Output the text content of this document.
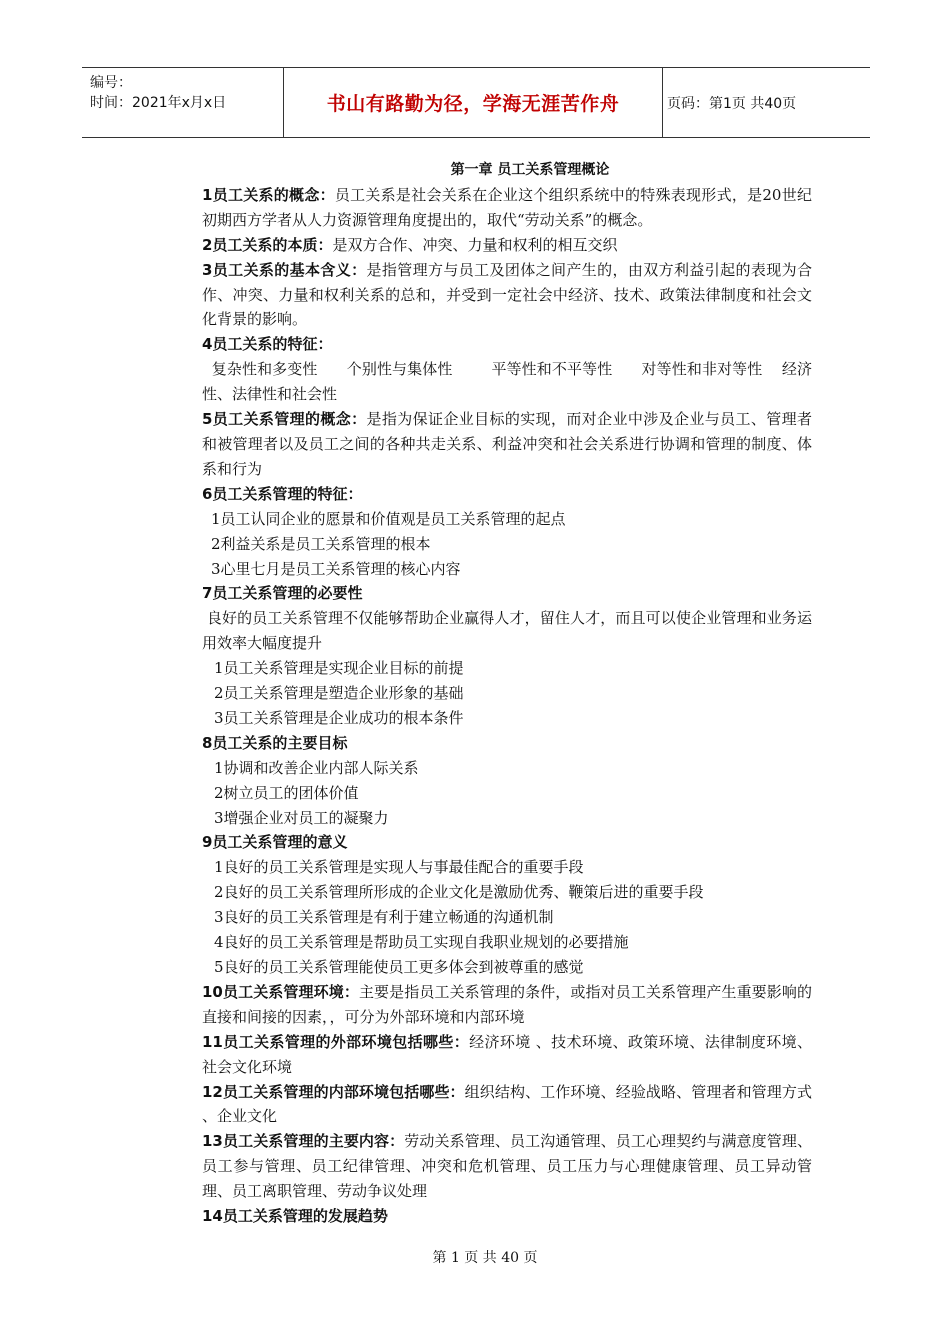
编号：
时间：2021年x月x日	书山有路勤为径，学海无涯苦作舟	页码：第1页 共40页
第一章 员工关系管理概论

1员工关系的概念：员工关系是社会关系在企业这个组织系统中的特殊表现形式，是20世纪初期西方学者从人力资源管理角度提出的，取代“劳动关系”的概念。

2员工关系的本质：是双方合作、冲突、力量和权利的相互交织

3员工关系的基本含义：是指管理方与员工及团体之间产生的，由双方利益引起的表现为合作、冲突、力量和权利关系的总和，并受到一定社会中经济、技术、政策法律制度和社会文化背景的影响。

4员工关系的特征：

复杂性和多变性      个别性与集体性        平等性和不平等性      对等性和非对等性    经济性、法律性和社会性

5员工关系管理的概念：是指为保证企业目标的实现，而对企业中涉及企业与员工、管理者和被管理者以及员工之间的各种共走关系、利益冲突和社会关系进行协调和管理的制度、体系和行为

6员工关系管理的特征：

1员工认同企业的愿景和价值观是员工关系管理的起点

2利益关系是员工关系管理的根本

3心里七月是员工关系管理的核心内容

7员工关系管理的必要性

良好的员工关系管理不仅能够帮助企业赢得人才，留住人才，而且可以使企业管理和业务运用效率大幅度提升

1员工关系管理是实现企业目标的前提

2员工关系管理是塑造企业形象的基础

3员工关系管理是企业成功的根本条件

8员工关系的主要目标

1协调和改善企业内部人际关系

2树立员工的团体价值

3增强企业对员工的凝聚力

9员工关系管理的意义

1良好的员工关系管理是实现人与事最佳配合的重要手段

2良好的员工关系管理所形成的企业文化是激励优秀、鞭策后进的重要手段

3良好的员工关系管理是有利于建立畅通的沟通机制

4良好的员工关系管理是帮助员工实现自我职业规划的必要措施

5良好的员工关系管理能使员工更多体会到被尊重的感觉

10员工关系管理环境：主要是指员工关系管理的条件，或指对员工关系管理产生重要影响的直接和间接的因素，，可分为外部环境和内部环境

11员工关系管理的外部环境包括哪些：经济环境 、技术环境、政策环境、法律制度环境、社会文化环境

12员工关系管理的内部环境包括哪些：组织结构、工作环境、经验战略、管理者和管理方式 、企业文化

13员工关系管理的主要内容：劳动关系管理、员工沟通管理、员工心理契约与满意度管理、员工参与管理、员工纪律管理、冲突和危机管理、员工压力与心理健康管理、员工异动管理、员工离职管理、劳动争议处理

14员工关系管理的发展趋势

第 1 页 共 40 页
